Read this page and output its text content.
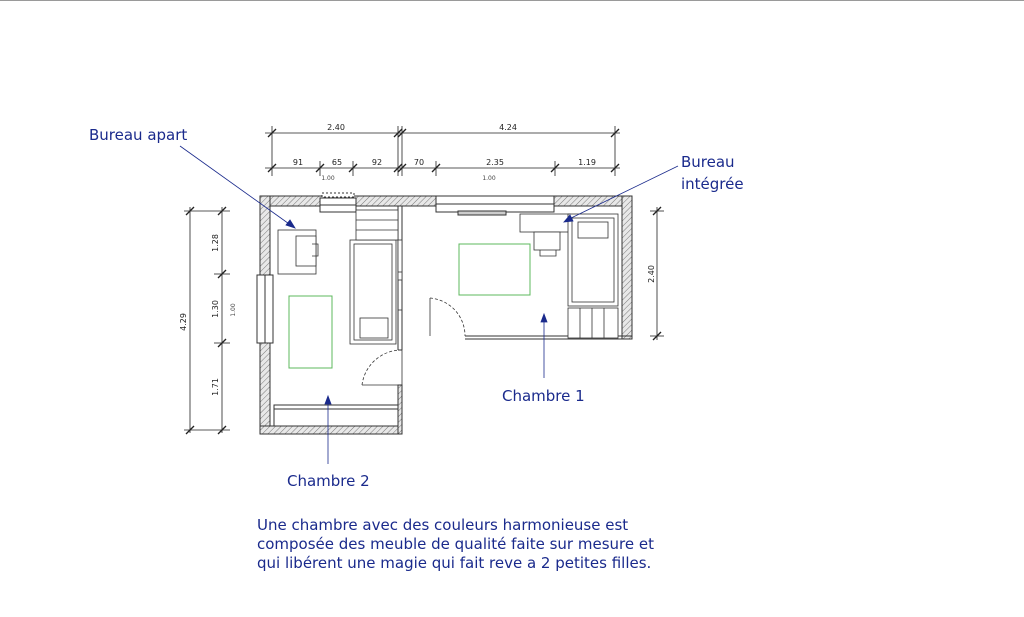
2.40	4.24
91	65	92	70	2.35	1.19
1.00	1.00
4.29
1.28
1.30
1.71
1.00
2.40
Bureau apart
Bureau
intégrée
Chambre 1
Chambre 2
Une chambre avec des couleurs harmonieuse est
composée des meuble de qualité faite sur mesure et
qui libérent une magie qui fait reve a 2 petites filles.
